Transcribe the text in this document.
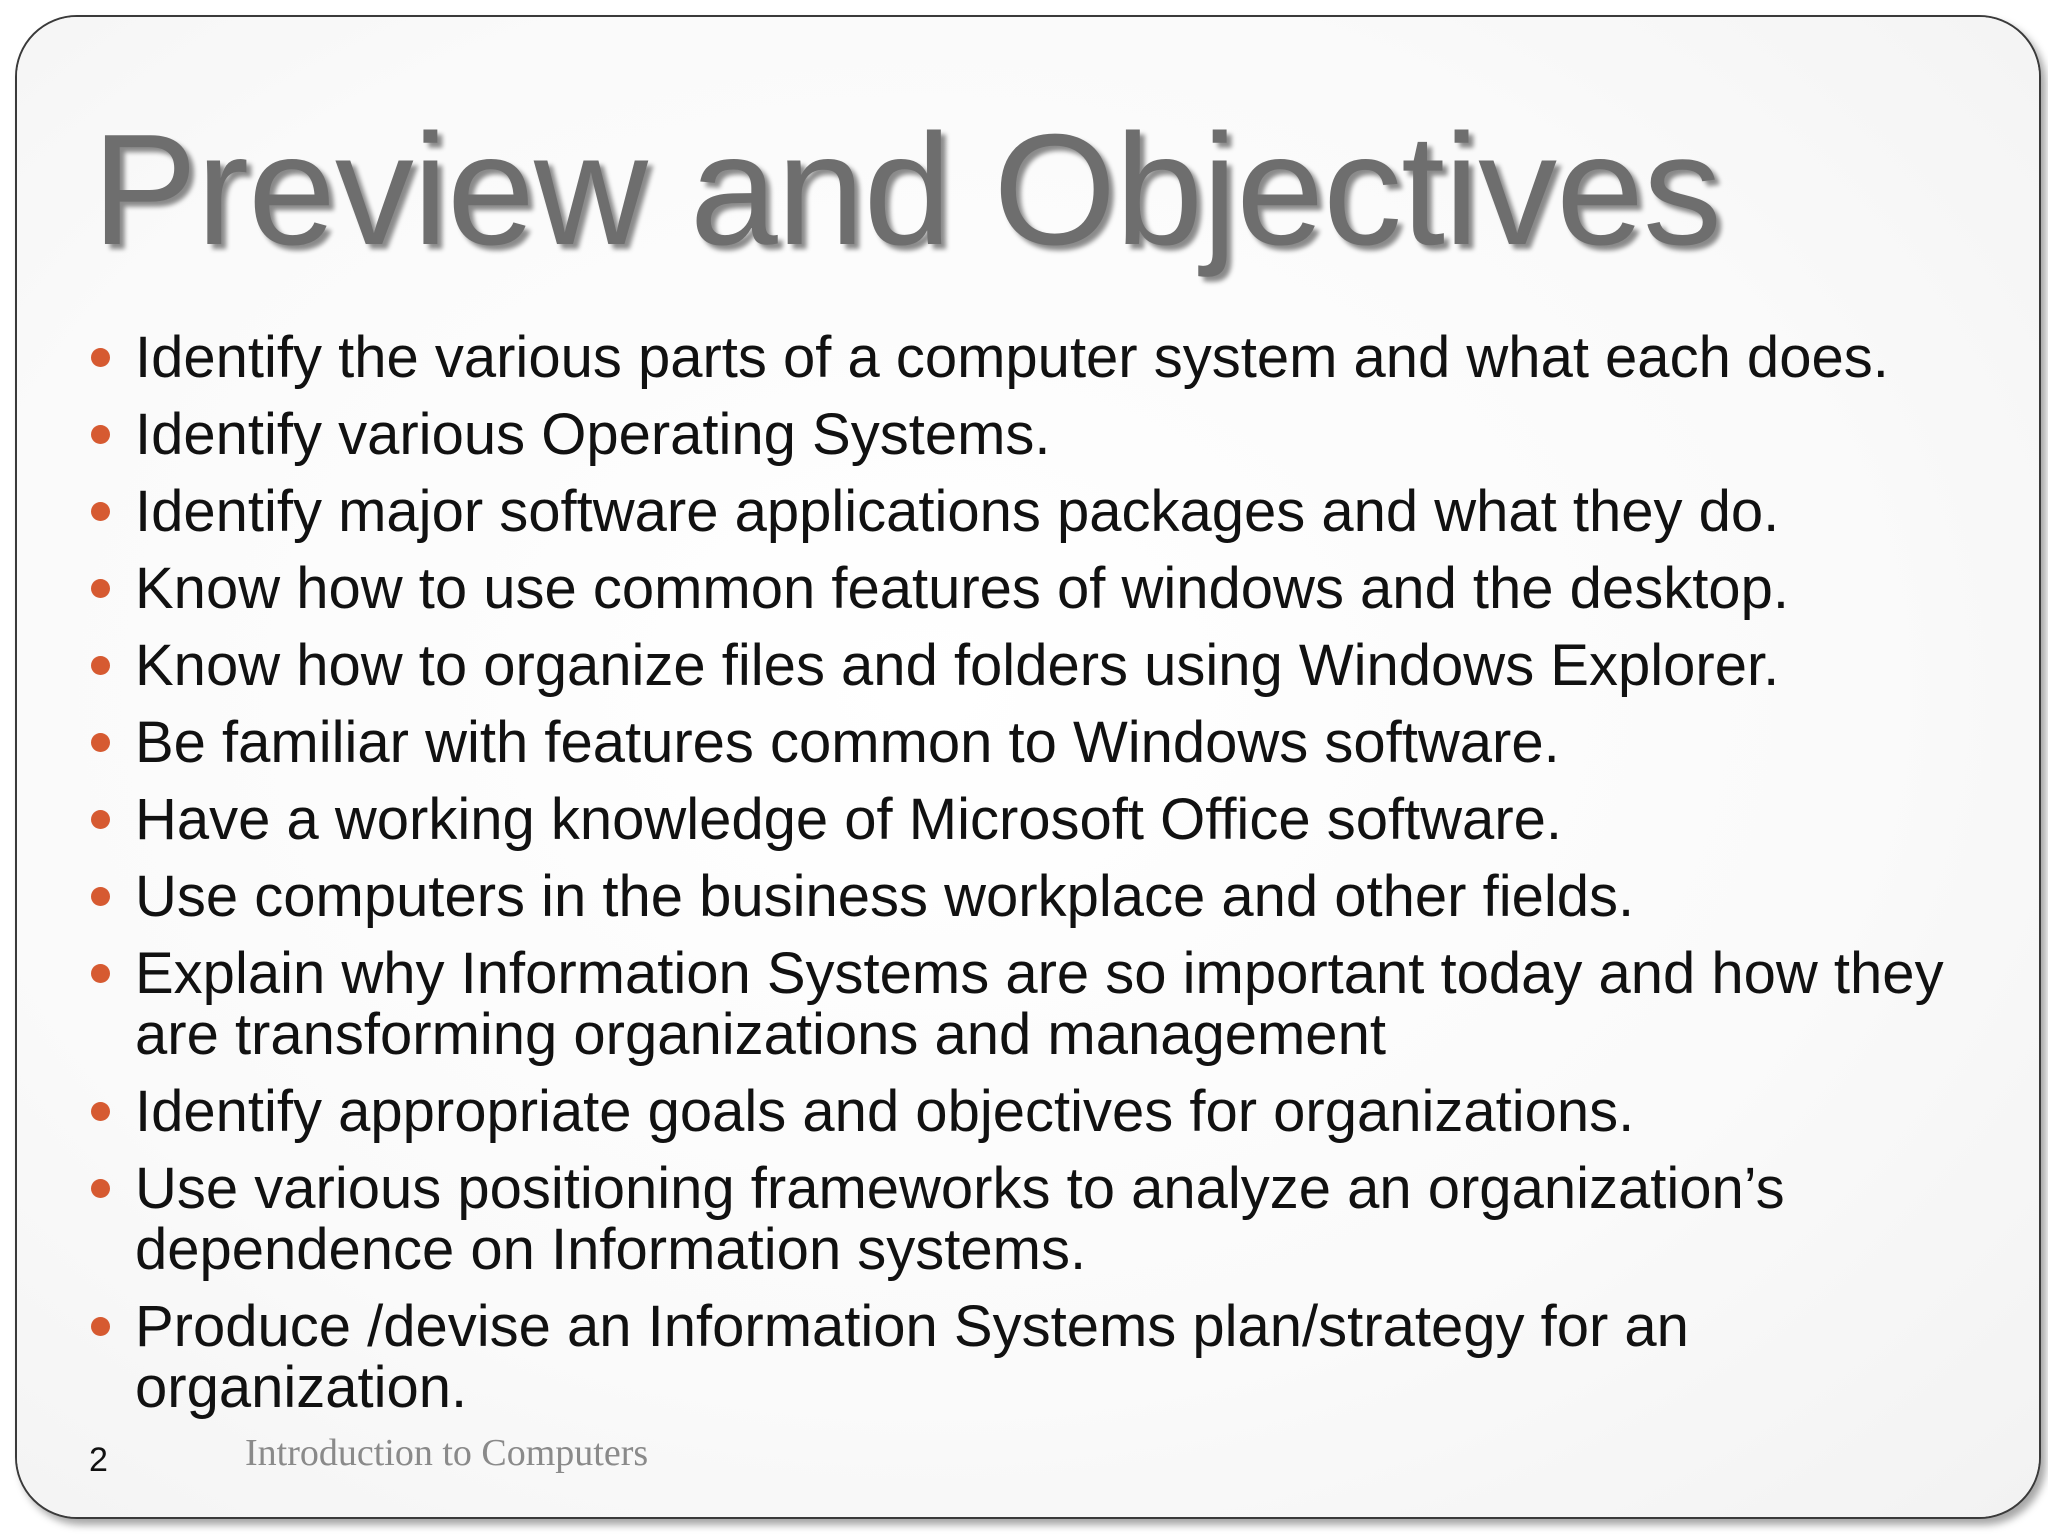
Preview and Objectives
Identify the various parts of a computer system and what each does.
Identify various Operating Systems.
Identify major software applications packages and what they do.
Know how to use common features of windows and the desktop.
Know how to organize files and folders using Windows Explorer.
Be familiar with features common to Windows software.
Have a working knowledge of Microsoft Office software.
Use computers in the business workplace and other fields.
Explain why Information Systems are so important today and how they are transforming organizations and management
Identify appropriate goals and objectives for organizations.
Use various positioning frameworks to analyze an organization’s dependence on Information systems.
Produce /devise an Information Systems plan/strategy for an organization.
Introduction to Computers
2
